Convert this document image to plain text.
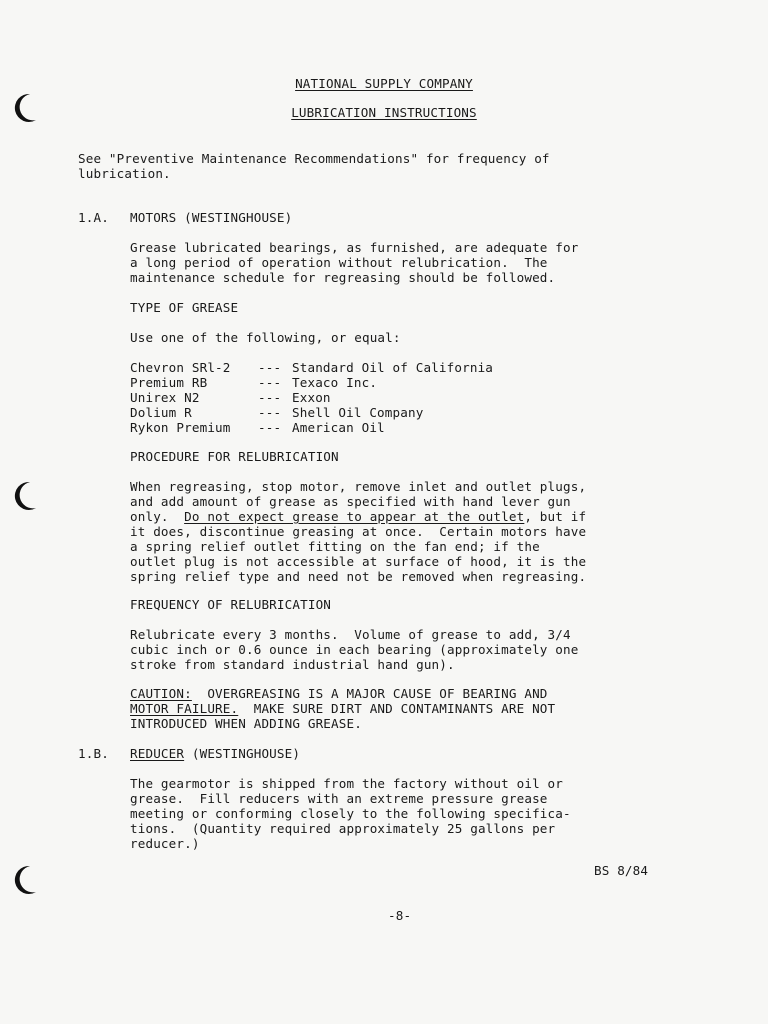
NATIONAL SUPPLY COMPANY
LUBRICATION INSTRUCTIONS
See "Preventive Maintenance Recommendations" for frequency of
lubrication.
1.A. MOTORS (WESTINGHOUSE)
Grease lubricated bearings, as furnished, are adequate for
a long period of operation without relubrication.  The
maintenance schedule for regreasing should be followed.
TYPE OF GREASE
Use one of the following, or equal:
Chevron SRl-2 --- Standard Oil of California
Premium RB	--- Texaco Inc.
Unirex N2	--- Exxon
Dolium R	--- Shell Oil Company
Rykon Premium --- American Oil
PROCEDURE FOR RELUBRICATION
When regreasing, stop motor, remove inlet and outlet plugs,
and add amount of grease as specified with hand lever gun
only.  Do not expect grease to appear at the outlet, but if
it does, discontinue greasing at once.  Certain motors have
a spring relief outlet fitting on the fan end; if the
outlet plug is not accessible at surface of hood, it is the
spring relief type and need not be removed when regreasing.
FREQUENCY OF RELUBRICATION
Relubricate every 3 months.  Volume of grease to add, 3/4
cubic inch or 0.6 ounce in each bearing (approximately one
stroke from standard industrial hand gun).
CAUTION:  OVERGREASING IS A MAJOR CAUSE OF BEARING AND
MOTOR FAILURE.  MAKE SURE DIRT AND CONTAMINANTS ARE NOT
INTRODUCED WHEN ADDING GREASE.
1.B. REDUCER (WESTINGHOUSE)
The gearmotor is shipped from the factory without oil or
grease.  Fill reducers with an extreme pressure grease
meeting or conforming closely to the following specifica-
tions.  (Quantity required approximately 25 gallons per
reducer.)
BS 8/84
-8-
